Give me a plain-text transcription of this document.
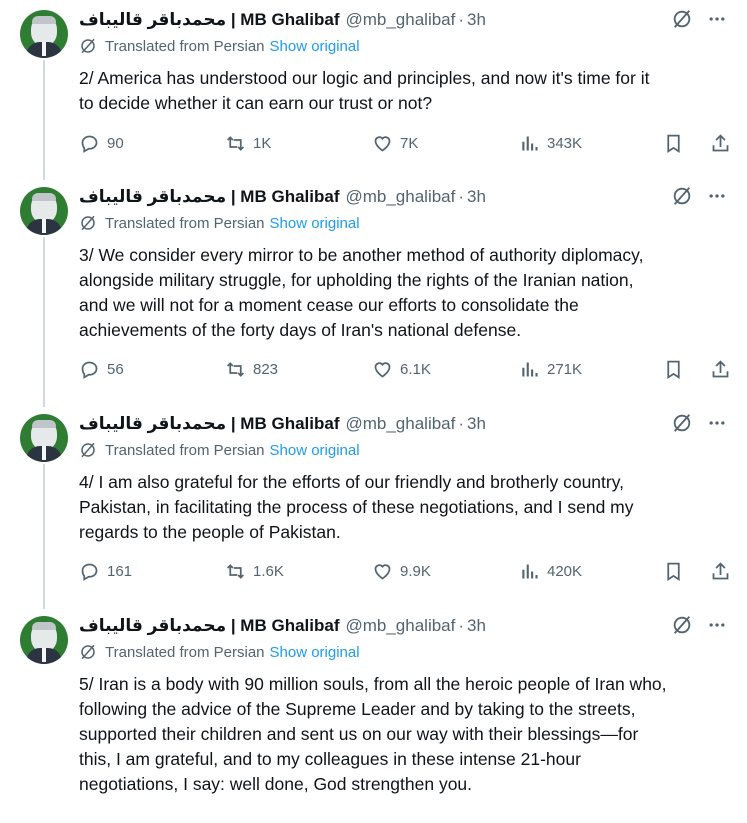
محمدباقر قالیباف | MB Ghalibaf @mb_ghalibaf · 3h
Translated from Persian Show original
2/ America has understood our logic and principles, and now it's time for it
to decide whether it can earn our trust or not?
90	1K	7K	343K
محمدباقر قالیباف | MB Ghalibaf @mb_ghalibaf · 3h
Translated from Persian Show original
3/ We consider every mirror to be another method of authority diplomacy,
alongside military struggle, for upholding the rights of the Iranian nation,
and we will not for a moment cease our efforts to consolidate the
achievements of the forty days of Iran's national defense.
56	823	6.1K	271K
محمدباقر قالیباف | MB Ghalibaf @mb_ghalibaf · 3h
Translated from Persian Show original
4/ I am also grateful for the efforts of our friendly and brotherly country,
Pakistan, in facilitating the process of these negotiations, and I send my
regards to the people of Pakistan.
161	1.6K	9.9K	420K
محمدباقر قالیباف | MB Ghalibaf @mb_ghalibaf · 3h
Translated from Persian Show original
5/ Iran is a body with 90 million souls, from all the heroic people of Iran who,
following the advice of the Supreme Leader and by taking to the streets,
supported their children and sent us on our way with their blessings—for
this, I am grateful, and to my colleagues in these intense 21-hour
negotiations, I say: well done, God strengthen you.
